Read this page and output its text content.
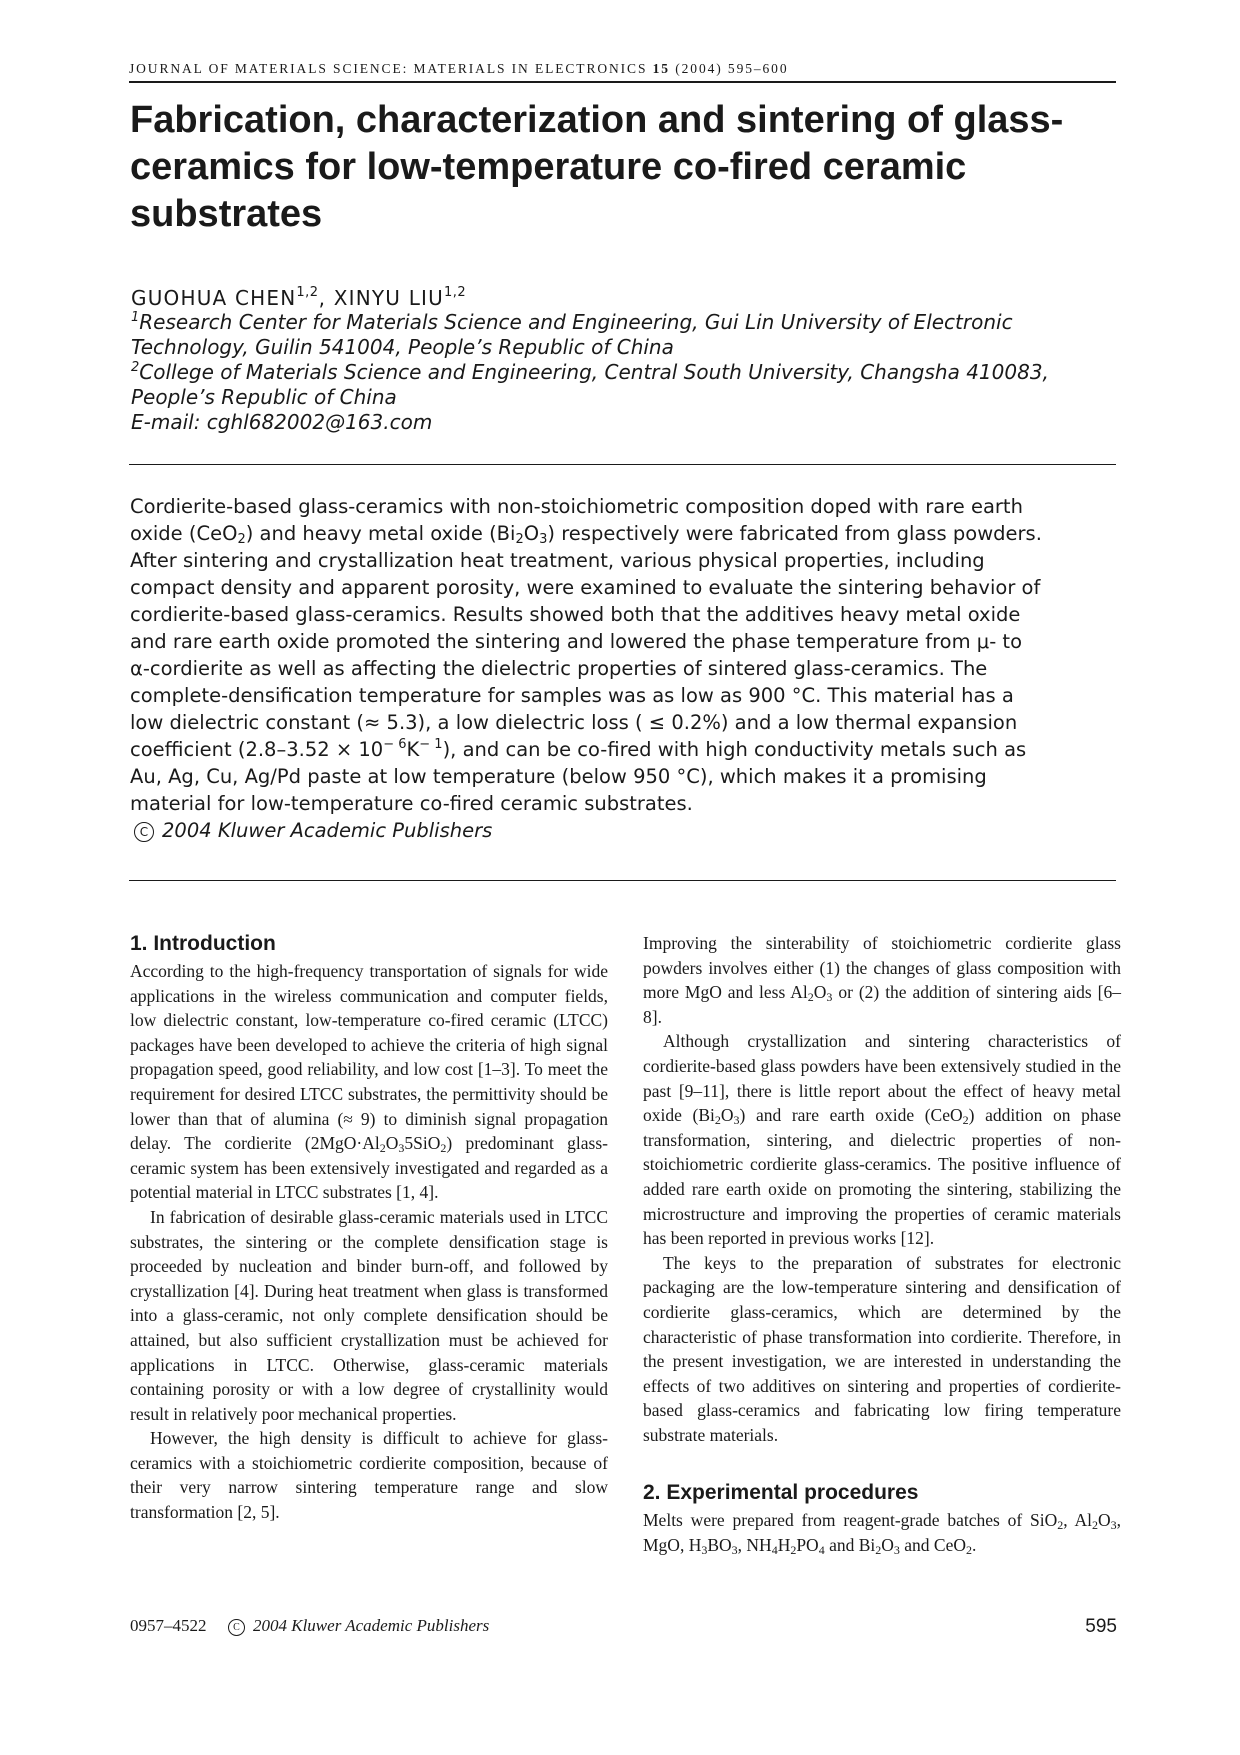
JOURNAL OF MATERIALS SCIENCE: MATERIALS IN ELECTRONICS 15 (2004) 595–600
Fabrication, characterization and sintering of glass-ceramics for low-temperature co-fired ceramic substrates
GUOHUA CHEN$^{1,2}$, XINYU LIU$^{1,2}$
$^1$Research Center for Materials Science and Engineering, Gui Lin University of Electronic
Technology, Guilin 541004, People’s Republic of China
$^2$College of Materials Science and Engineering, Central South University, Changsha 410083,
People’s Republic of China
E-mail: cghl682002@163.com
Cordierite-based glass-ceramics with non-stoichiometric composition doped with rare earth
oxide (CeO$_2$) and heavy metal oxide $(Bi_2O_3)$ respectively were fabricated from glass powders.
After sintering and crystallization heat treatment, various physical properties, including
compact density and apparent porosity, were examined to evaluate the sintering behavior of
cordierite-based glass-ceramics. Results showed both that the additives heavy metal oxide
and rare earth oxide promoted the sintering and lowered the phase temperature from μ- to
α-cordierite as well as affecting the dielectric properties of sintered glass-ceramics. The
complete-densification temperature for samples was as low as 900 °C. This material has a
low dielectric constant (≈ 5.3), a low dielectric loss ( ≤ 0.2%) and a low thermal expansion
coefficient $(2.8-3.52 \times 10^{- 6}K^{- 1})$, and can be co-fired with high conductivity metals such as
Au, Ag, Cu, Ag/Pd paste at low temperature (below 950 °C), which makes it a promising
material for low-temperature co-fired ceramic substrates.
C 2004 Kluwer Academic Publishers
1. Introduction

According to the high-frequency transportation of signals for wide applications in the wireless communication and computer fields, low dielectric constant, low-temperature co-fired ceramic (LTCC) packages have been developed to achieve the criteria of high signal propagation speed, good reliability, and low cost [1–3]. To meet the requirement for desired LTCC substrates, the permittivity should be lower than that of alumina (≈ 9) to diminish signal propagation delay. The cordierite $(2MgO\cdot Al_2O_35SiO_2)$ predominant glass-ceramic system has been extensively investigated and regarded as a potential material in LTCC substrates [1, 4].

In fabrication of desirable glass-ceramic materials used in LTCC substrates, the sintering or the complete densification stage is proceeded by nucleation and binder burn-off, and followed by crystallization [4]. During heat treatment when glass is transformed into a glass-ceramic, not only complete densification should be attained, but also sufficient crystallization must be achieved for applications in LTCC. Otherwise, glass-ceramic materials containing porosity or with a low degree of crystallinity would result in relatively poor mechanical properties.

However, the high density is difficult to achieve for glass-ceramics with a stoichiometric cordierite composition, because of their very narrow sintering temperature range and slow transformation [2, 5].

Improving the sinterability of stoichiometric cordierite glass powders involves either (1) the changes of glass composition with more MgO and less $Al_2O_3$ or (2) the addition of sintering aids [6–8].

Although crystallization and sintering characteristics of cordierite-based glass powders have been extensively studied in the past [9–11], there is little report about the effect of heavy metal oxide $(Bi_2O_3)$ and rare earth oxide (CeO$_2$) addition on phase transformation, sintering, and dielectric properties of non-stoichiometric cordierite glass-ceramics. The positive influence of added rare earth oxide on promoting the sintering, stabilizing the microstructure and improving the properties of ceramic materials has been reported in previous works [12].

The keys to the preparation of substrates for electronic packaging are the low-temperature sintering and densification of cordierite glass-ceramics, which are determined by the characteristic of phase transformation into cordierite. Therefore, in the present investigation, we are interested in understanding the effects of two additives on sintering and properties of cordierite-based glass-ceramics and fabricating low firing temperature substrate materials.

2. Experimental procedures

Melts were prepared from reagent-grade batches of SiO$_2$, $Al_2O_3$, MgO, $H_3BO_3$, $NH_4H_2PO_4$ and $Bi_2O_3$ and CeO$_2$.

0957–4522	C 2004 Kluwer Academic Publishers	595
